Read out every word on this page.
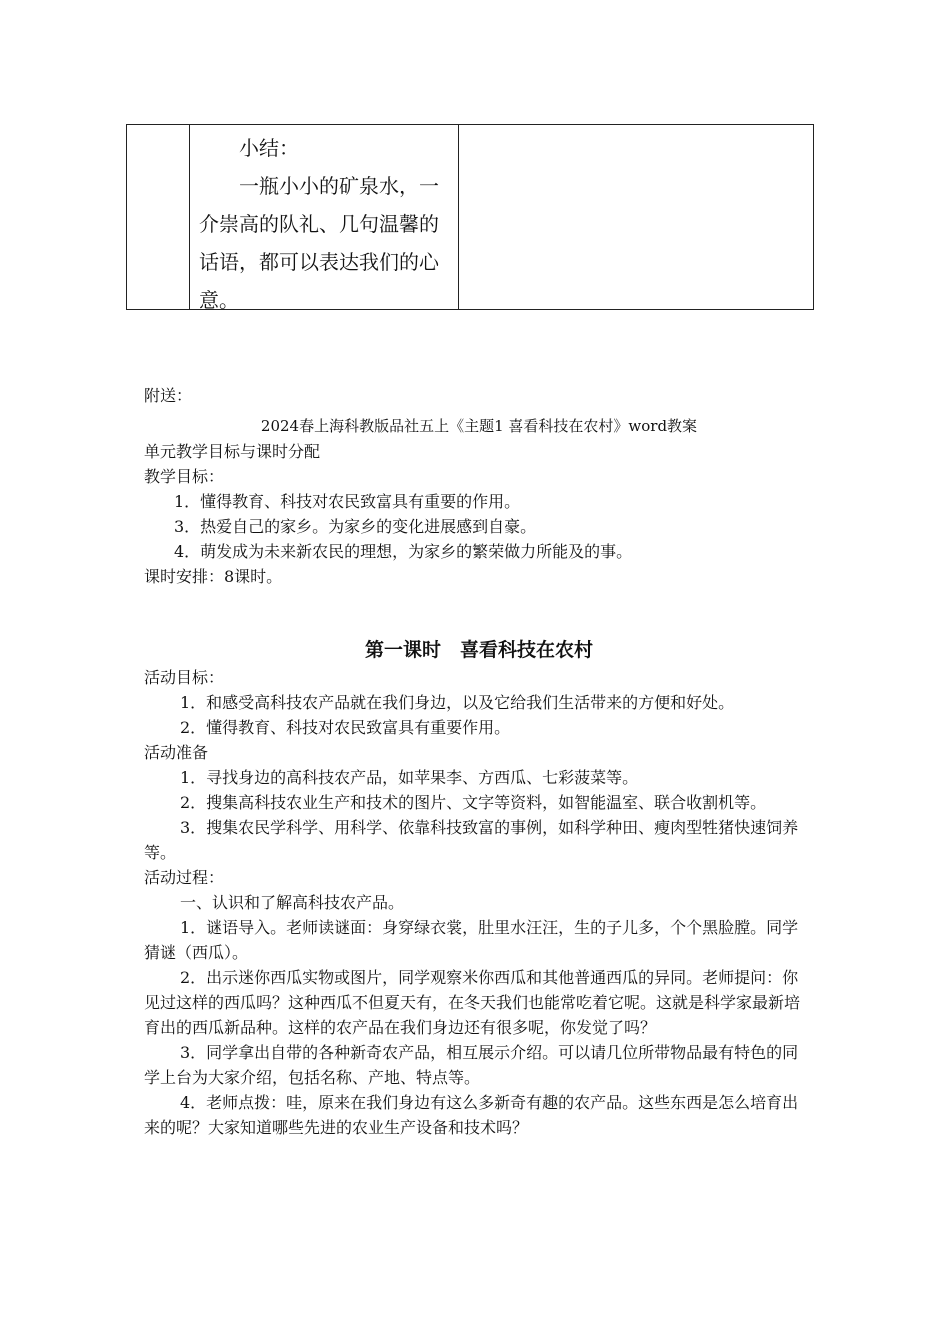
小结：

一瓶小小的矿泉水，一介崇高的队礼、几句温馨的话语，都可以表达我们的心意。

附送：

2024春上海科教版品社五上《主题1 喜看科技在农村》word教案

单元教学目标与课时分配

教学目标：

1．懂得教育、科技对农民致富具有重要的作用。

3．热爱自己的家乡。为家乡的变化进展感到自豪。

4．萌发成为未来新农民的理想，为家乡的繁荣做力所能及的事。

课时安排：8课时。

第一课时　喜看科技在农村

活动目标：

1．和感受高科技农产品就在我们身边，以及它给我们生活带来的方便和好处。

2．懂得教育、科技对农民致富具有重要作用。

活动准备

1．寻找身边的高科技农产品，如苹果李、方西瓜、七彩菠菜等。

2．搜集高科技农业生产和技术的图片、文字等资料，如智能温室、联合收割机等。

3．搜集农民学科学、用科学、依靠科技致富的事例，如科学种田、瘦肉型牲猪快速饲养等。

活动过程：

一、认识和了解高科技农产品。

1．谜语导入。老师读谜面：身穿绿衣裳，肚里水汪汪，生的子儿多，个个黑脸膛。同学猜谜（西瓜）。

2．出示迷你西瓜实物或图片，同学观察米你西瓜和其他普通西瓜的异同。老师提问：你见过这样的西瓜吗？这种西瓜不但夏天有，在冬天我们也能常吃着它呢。这就是科学家最新培育出的西瓜新品种。这样的农产品在我们身边还有很多呢，你发觉了吗？

3．同学拿出自带的各种新奇农产品，相互展示介绍。可以请几位所带物品最有特色的同学上台为大家介绍，包括名称、产地、特点等。

4．老师点拨：哇，原来在我们身边有这么多新奇有趣的农产品。这些东西是怎么培育出来的呢？大家知道哪些先进的农业生产设备和技术吗？
